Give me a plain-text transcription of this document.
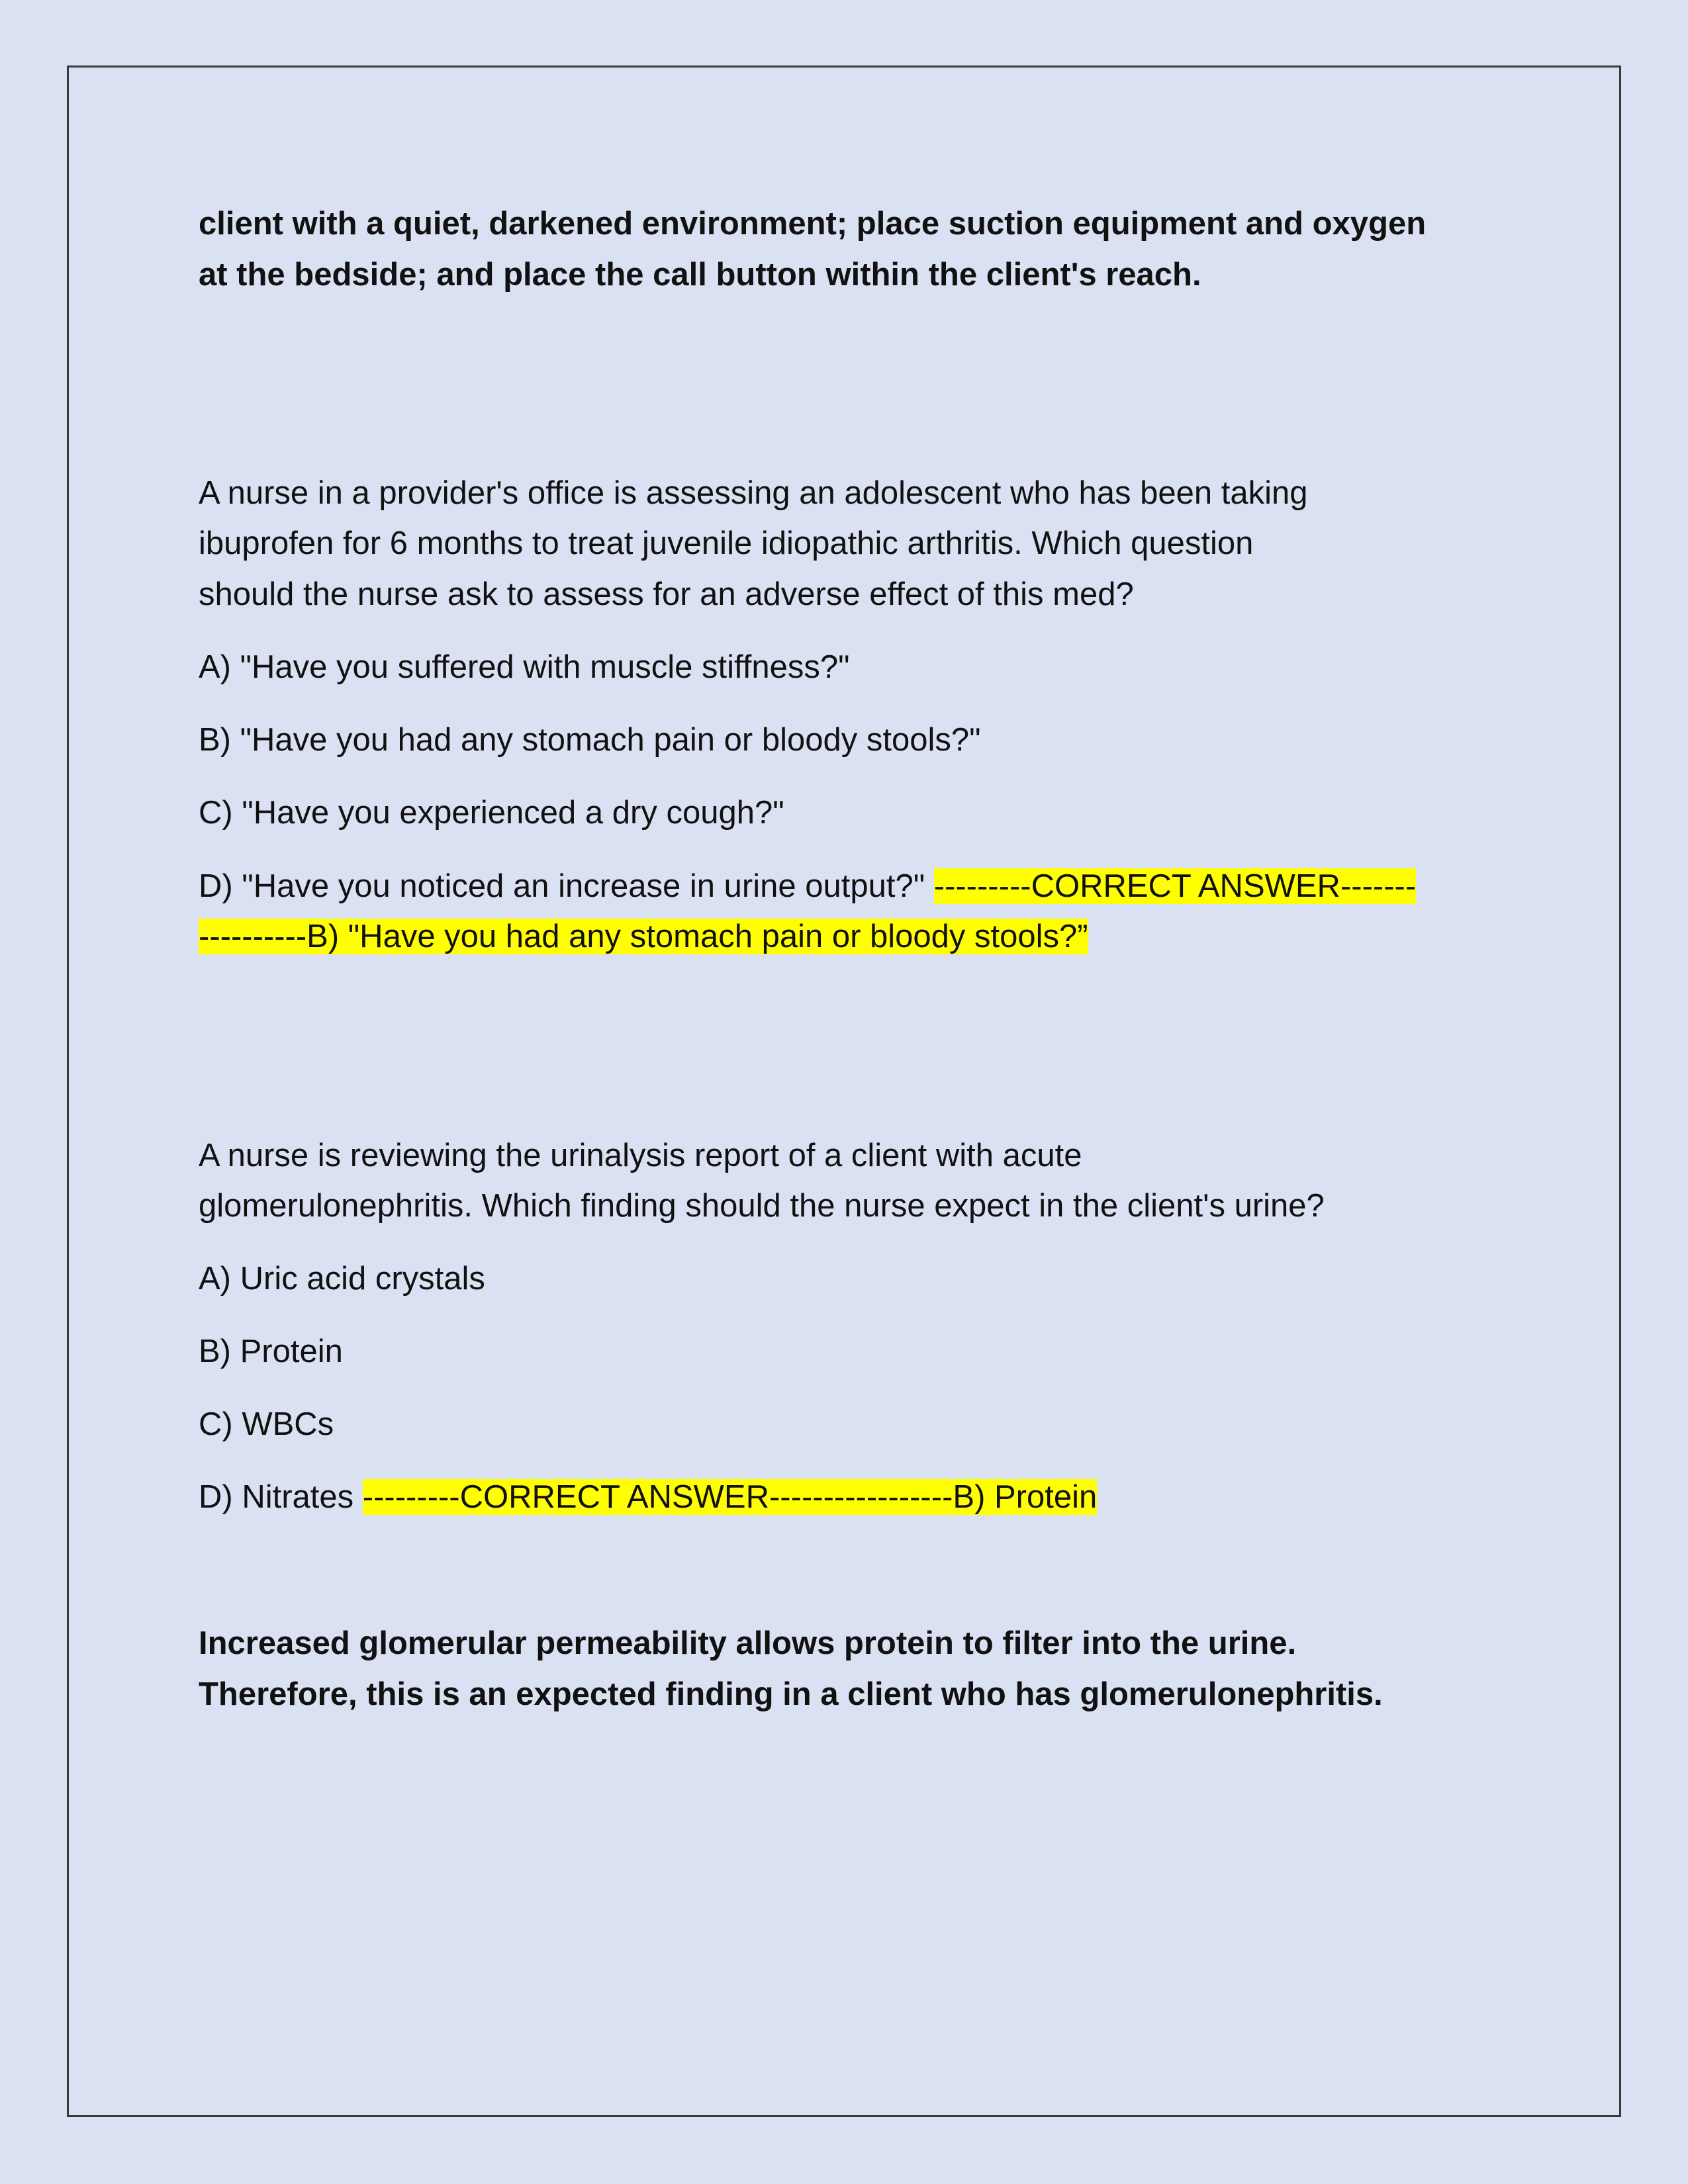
client with a quiet, darkened environment; place suction equipment and oxygen
at the bedside; and place the call button within the client's reach.
A nurse in a provider's office is assessing an adolescent who has been taking
ibuprofen for 6 months to treat juvenile idiopathic arthritis. Which question
should the nurse ask to assess for an adverse effect of this med?
A) "Have you suffered with muscle stiffness?"
B) "Have you had any stomach pain or bloody stools?"
C) "Have you experienced a dry cough?"
D) "Have you noticed an increase in urine output?" ---------CORRECT ANSWER-------
----------B) "Have you had any stomach pain or bloody stools?”
A nurse is reviewing the urinalysis report of a client with acute
glomerulonephritis. Which finding should the nurse expect in the client's urine?
A) Uric acid crystals
B) Protein
C) WBCs
D) Nitrates ---------CORRECT ANSWER-----------------B) Protein
Increased glomerular permeability allows protein to filter into the urine.
Therefore, this is an expected finding in a client who has glomerulonephritis.
